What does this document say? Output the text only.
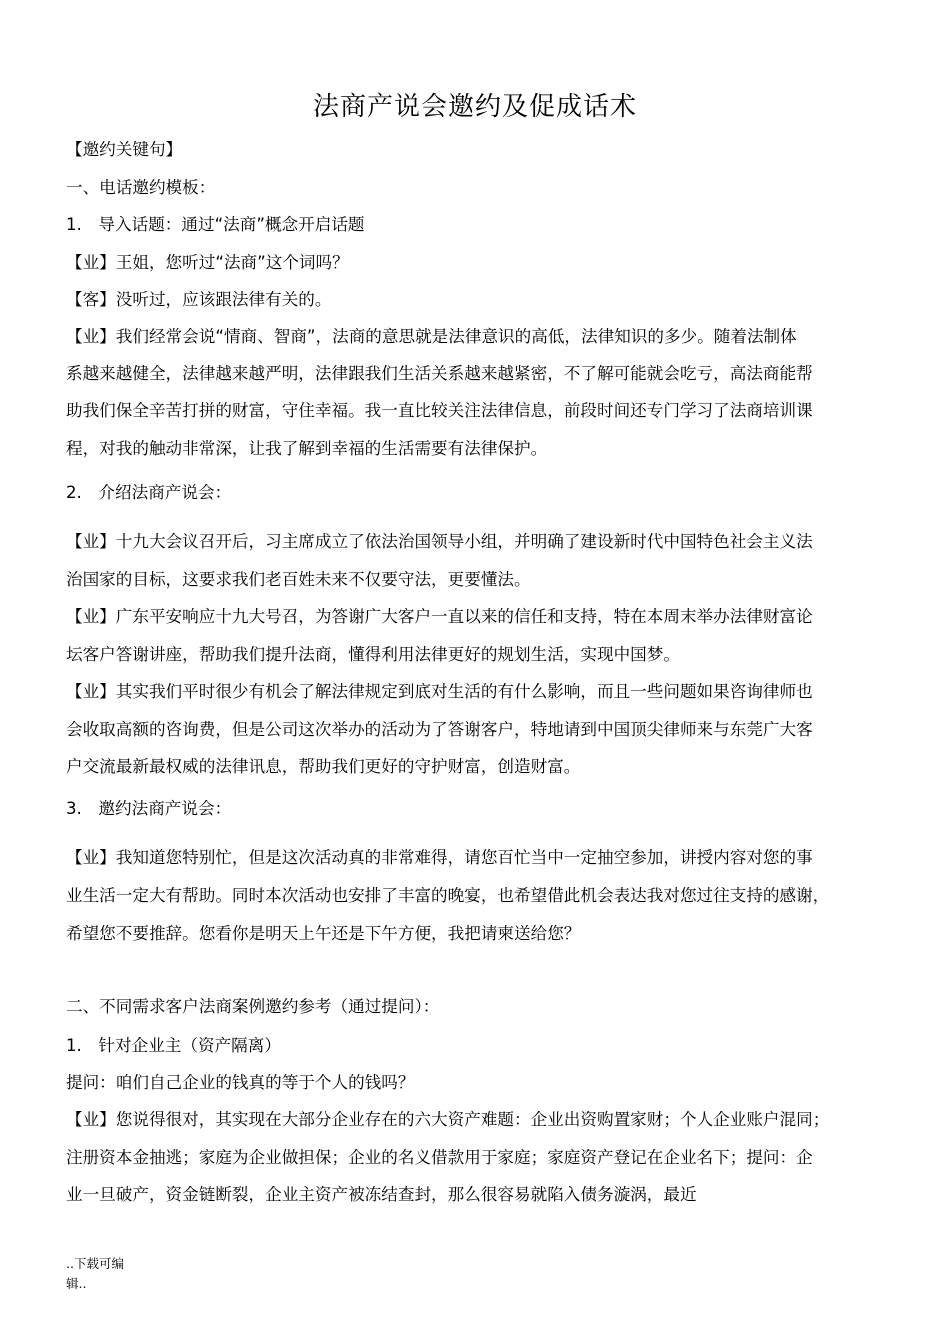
法商产说会邀约及促成话术
【邀约关键句】
一、电话邀约模板：
1.　导入话题：通过“法商”概念开启话题
【业】王姐，您听过“法商”这个词吗？
【客】没听过，应该跟法律有关的。
【业】我们经常会说“情商、智商”，法商的意思就是法律意识的高低，法律知识的多少。随着法制体
系越来越健全，法律越来越严明，法律跟我们生活关系越来越紧密，不了解可能就会吃亏，高法商能帮
助我们保全辛苦打拼的财富，守住幸福。我一直比较关注法律信息，前段时间还专门学习了法商培训课
程，对我的触动非常深，让我了解到幸福的生活需要有法律保护。
2.　介绍法商产说会：
【业】十九大会议召开后，习主席成立了依法治国领导小组，并明确了建设新时代中国特色社会主义法
治国家的目标，这要求我们老百姓未来不仅要守法，更要懂法。
【业】广东平安响应十九大号召，为答谢广大客户一直以来的信任和支持，特在本周末举办法律财富论
坛客户答谢讲座，帮助我们提升法商，懂得利用法律更好的规划生活，实现中国梦。
【业】其实我们平时很少有机会了解法律规定到底对生活的有什么影响，而且一些问题如果咨询律师也
会收取高额的咨询费，但是公司这次举办的活动为了答谢客户，特地请到中国顶尖律师来与东莞广大客
户交流最新最权威的法律讯息，帮助我们更好的守护财富，创造财富。
3.　邀约法商产说会：
【业】我知道您特别忙，但是这次活动真的非常难得，请您百忙当中一定抽空参加，讲授内容对您的事
业生活一定大有帮助。同时本次活动也安排了丰富的晚宴，也希望借此机会表达我对您过往支持的感谢，
希望您不要推辞。您看你是明天上午还是下午方便，我把请柬送给您？
二、不同需求客户法商案例邀约参考（通过提问）：
1.　针对企业主（资产隔离）
提问：咱们自己企业的钱真的等于个人的钱吗？
【业】您说得很对，其实现在大部分企业存在的六大资产难题：企业出资购置家财；个人企业账户混同；
注册资本金抽逃；家庭为企业做担保；企业的名义借款用于家庭；家庭资产登记在企业名下；提问：企
业一旦破产，资金链断裂，企业主资产被冻结查封，那么很容易就陷入债务漩涡，最近
..下载可编
辑..
